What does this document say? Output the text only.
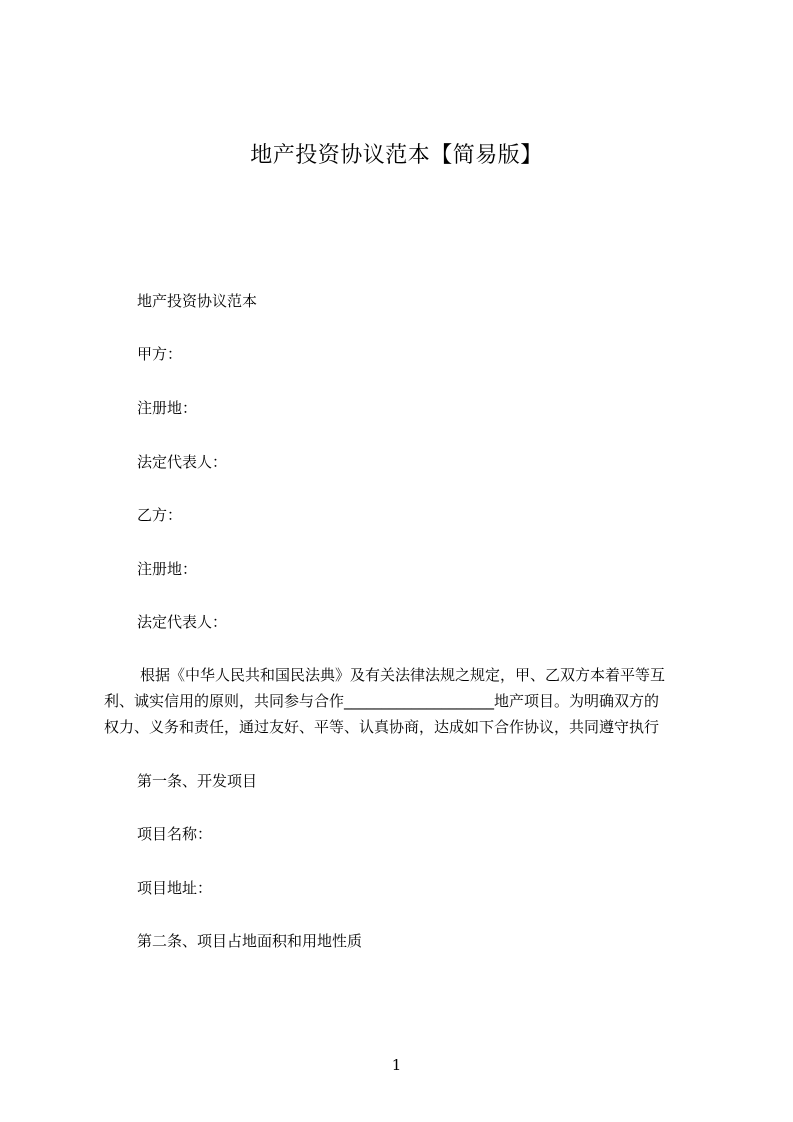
地产投资协议范本【简易版】

地产投资协议范本

甲方：

注册地：

法定代表人：

乙方：

注册地：

法定代表人：

根据《中华人民共和国民法典》及有关法律法规之规定，甲、乙双方本着平等互

利、诚实信用的原则，共同参与合作____________________地产项目。为明确双方的

权力、义务和责任，通过友好、平等、认真协商，达成如下合作协议，共同遵守执行

第一条、开发项目

项目名称：

项目地址：

第二条、项目占地面积和用地性质

1
